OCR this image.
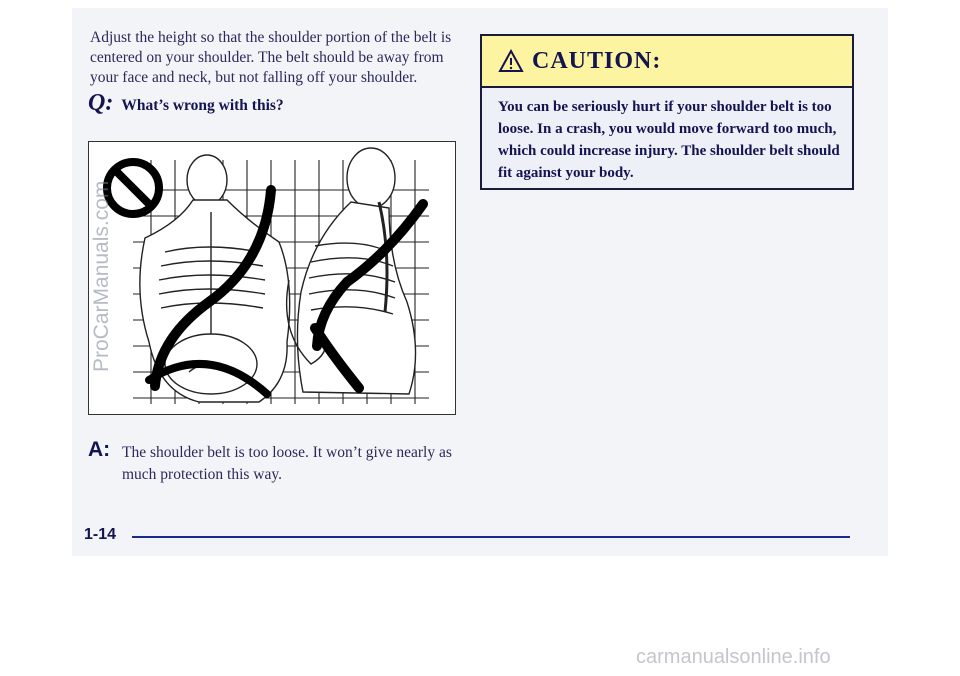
Adjust the height so that the shoulder portion of the belt is centered on your shoulder. The belt should be away from your face and neck, but not falling off your shoulder.

Q: What’s wrong with this?
A: The shoulder belt is too loose. It won’t give nearly as much protection this way.
CAUTION:

You can be seriously hurt if your shoulder belt is too loose. In a crash, you would move forward too much, which could increase injury. The shoulder belt should fit against your body.

1-14
ProCarManuals.com
carmanualsonline.info
